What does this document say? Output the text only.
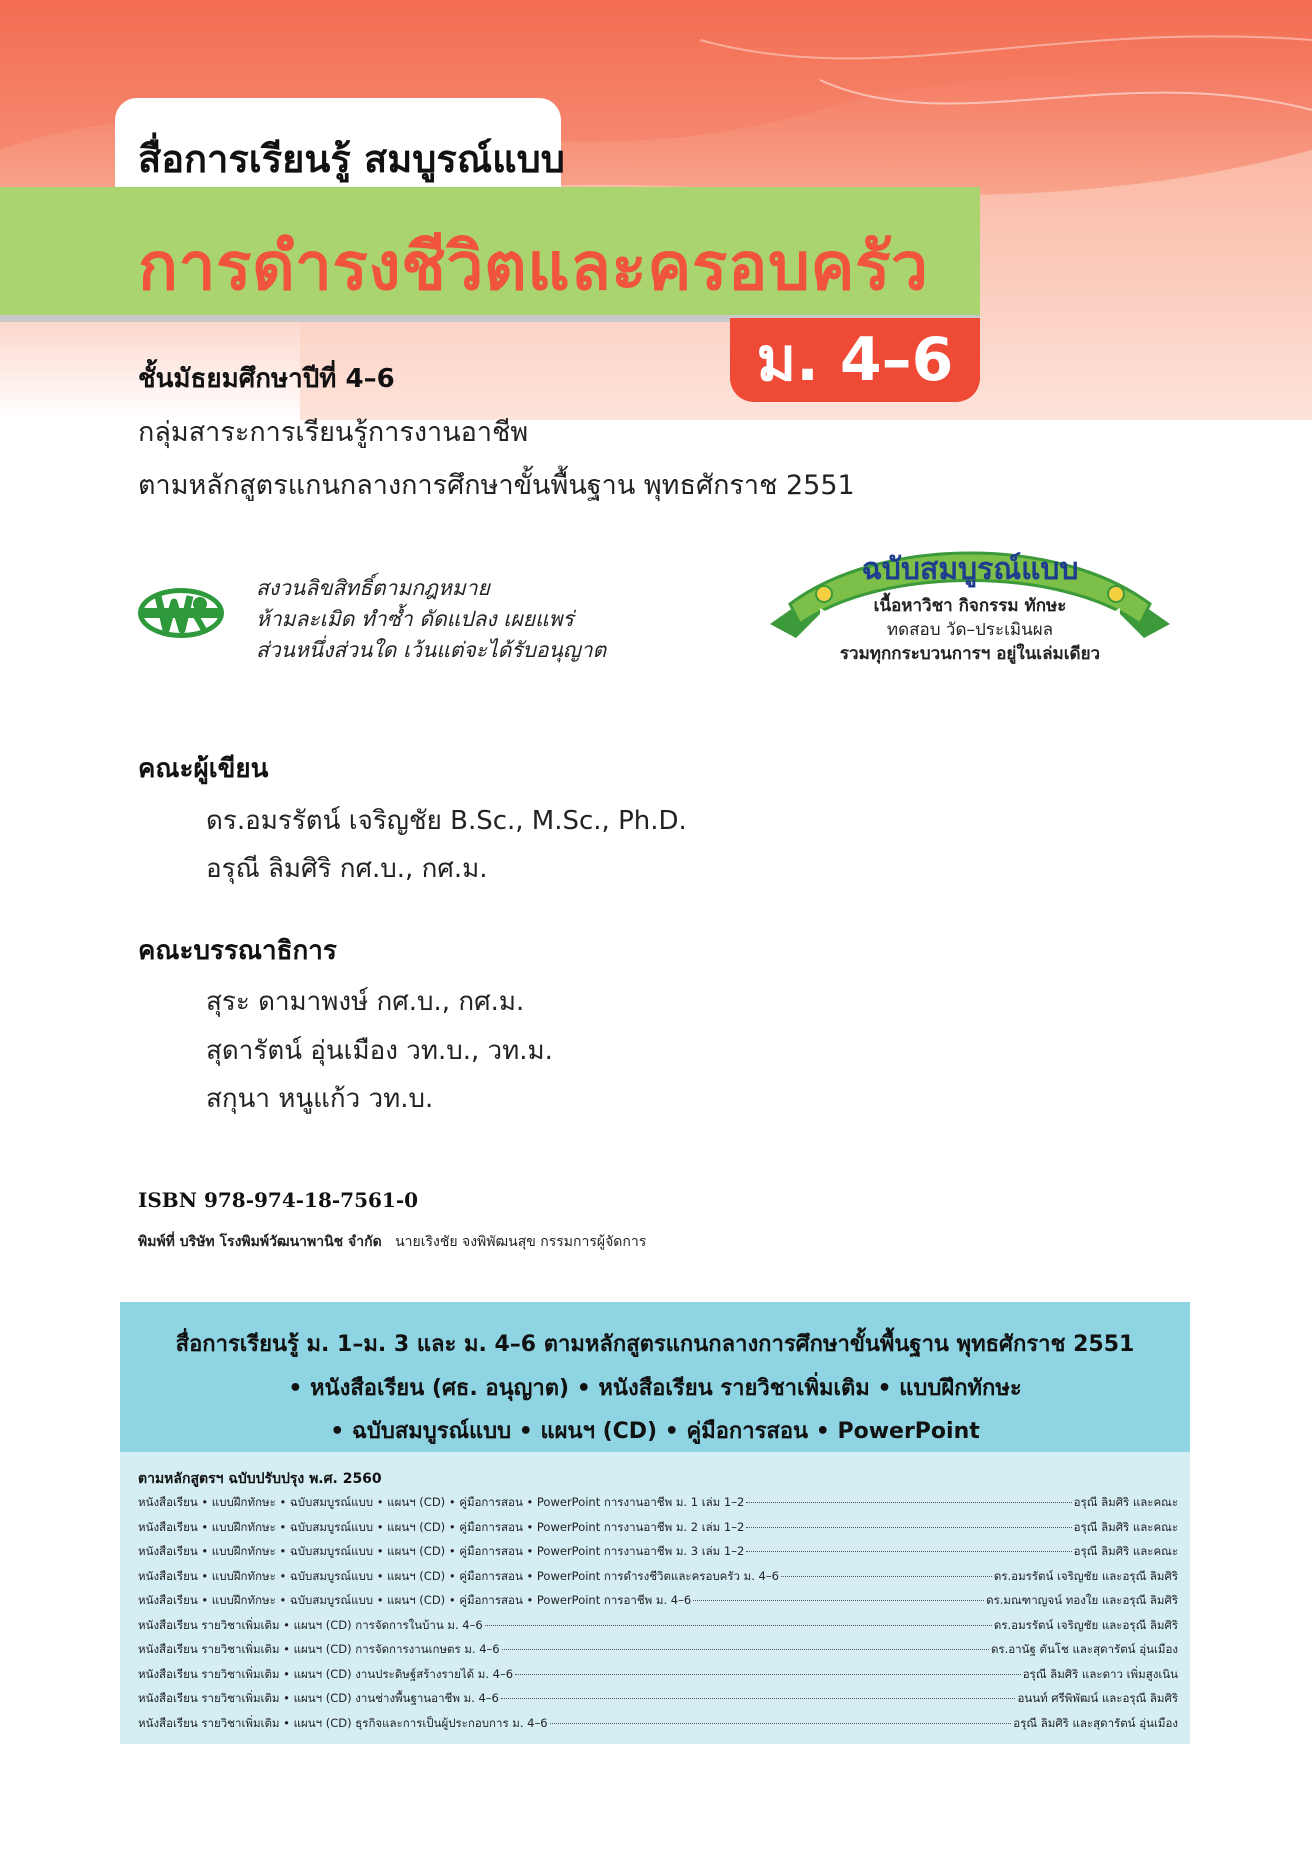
สื่อการเรียนรู้ สมบูรณ์แบบ
การดำรงชีวิตและครอบครัว
ม. 4–6
ชั้นมัธยมศึกษาปีที่ 4–6
กลุ่มสาระการเรียนรู้การงานอาชีพ
ตามหลักสูตรแกนกลางการศึกษาขั้นพื้นฐาน พุทธศักราช 2551
สงวนลิขสิทธิ์ตามกฎหมาย
ห้ามละเมิด ทำซ้ำ ดัดแปลง เผยแพร่
ส่วนหนึ่งส่วนใด เว้นแต่จะได้รับอนุญาต
ฉบับสมบูรณ์แบบ
เนื้อหาวิชา กิจกรรม ทักษะ
ทดสอบ วัด–ประเมินผล
รวมทุกกระบวนการฯ อยู่ในเล่มเดียว
คณะผู้เขียน
ดร.อมรรัตน์ เจริญชัย B.Sc., M.Sc., Ph.D.
อรุณี ลิมศิริ กศ.บ., กศ.ม.
คณะบรรณาธิการ
สุระ ดามาพงษ์ กศ.บ., กศ.ม.
สุดารัตน์ อุ่นเมือง วท.บ., วท.ม.
สกุนา หนูแก้ว วท.บ.
ISBN 978-974-18-7561-0
พิมพ์ที่ บริษัท โรงพิมพ์วัฒนาพานิช จำกัด นายเริงชัย จงพิพัฒนสุข กรรมการผู้จัดการ
สื่อการเรียนรู้ ม. 1–ม. 3 และ ม. 4–6 ตามหลักสูตรแกนกลางการศึกษาขั้นพื้นฐาน พุทธศักราช 2551
• หนังสือเรียน (ศธ. อนุญาต) • หนังสือเรียน รายวิชาเพิ่มเติม • แบบฝึกทักษะ
• ฉบับสมบูรณ์แบบ • แผนฯ (CD) • คู่มือการสอน • PowerPoint
ตามหลักสูตรฯ ฉบับปรับปรุง พ.ศ. 2560
หนังสือเรียน • แบบฝึกทักษะ • ฉบับสมบูรณ์แบบ • แผนฯ (CD) • คู่มือการสอน • PowerPoint การงานอาชีพ ม. 1 เล่ม 1–2	อรุณี ลิมศิริ และคณะ
หนังสือเรียน • แบบฝึกทักษะ • ฉบับสมบูรณ์แบบ • แผนฯ (CD) • คู่มือการสอน • PowerPoint การงานอาชีพ ม. 2 เล่ม 1–2	อรุณี ลิมศิริ และคณะ
หนังสือเรียน • แบบฝึกทักษะ • ฉบับสมบูรณ์แบบ • แผนฯ (CD) • คู่มือการสอน • PowerPoint การงานอาชีพ ม. 3 เล่ม 1–2	อรุณี ลิมศิริ และคณะ
หนังสือเรียน • แบบฝึกทักษะ • ฉบับสมบูรณ์แบบ • แผนฯ (CD) • คู่มือการสอน • PowerPoint การดำรงชีวิตและครอบครัว ม. 4–6	ดร.อมรรัตน์ เจริญชัย และอรุณี ลิมศิริ
หนังสือเรียน • แบบฝึกทักษะ • ฉบับสมบูรณ์แบบ • แผนฯ (CD) • คู่มือการสอน • PowerPoint การอาชีพ ม. 4–6	ดร.มณฑาญจน์ ทองใย และอรุณี ลิมศิริ
หนังสือเรียน รายวิชาเพิ่มเติม • แผนฯ (CD) การจัดการในบ้าน ม. 4–6	ดร.อมรรัตน์ เจริญชัย และอรุณี ลิมศิริ
หนังสือเรียน รายวิชาเพิ่มเติม • แผนฯ (CD) การจัดการงานเกษตร ม. 4–6	ดร.อานัฐ ตันโช และสุดารัตน์ อุ่นเมือง
หนังสือเรียน รายวิชาเพิ่มเติม • แผนฯ (CD) งานประดิษฐ์สร้างรายได้ ม. 4–6	อรุณี ลิมศิริ และดาว เพิ่มสูงเนิน
หนังสือเรียน รายวิชาเพิ่มเติม • แผนฯ (CD) งานช่างพื้นฐานอาชีพ ม. 4–6	อนนท์ ศรีพิพัฒน์ และอรุณี ลิมศิริ
หนังสือเรียน รายวิชาเพิ่มเติม • แผนฯ (CD) ธุรกิจและการเป็นผู้ประกอบการ ม. 4–6	อรุณี ลิมศิริ และสุดารัตน์ อุ่นเมือง
